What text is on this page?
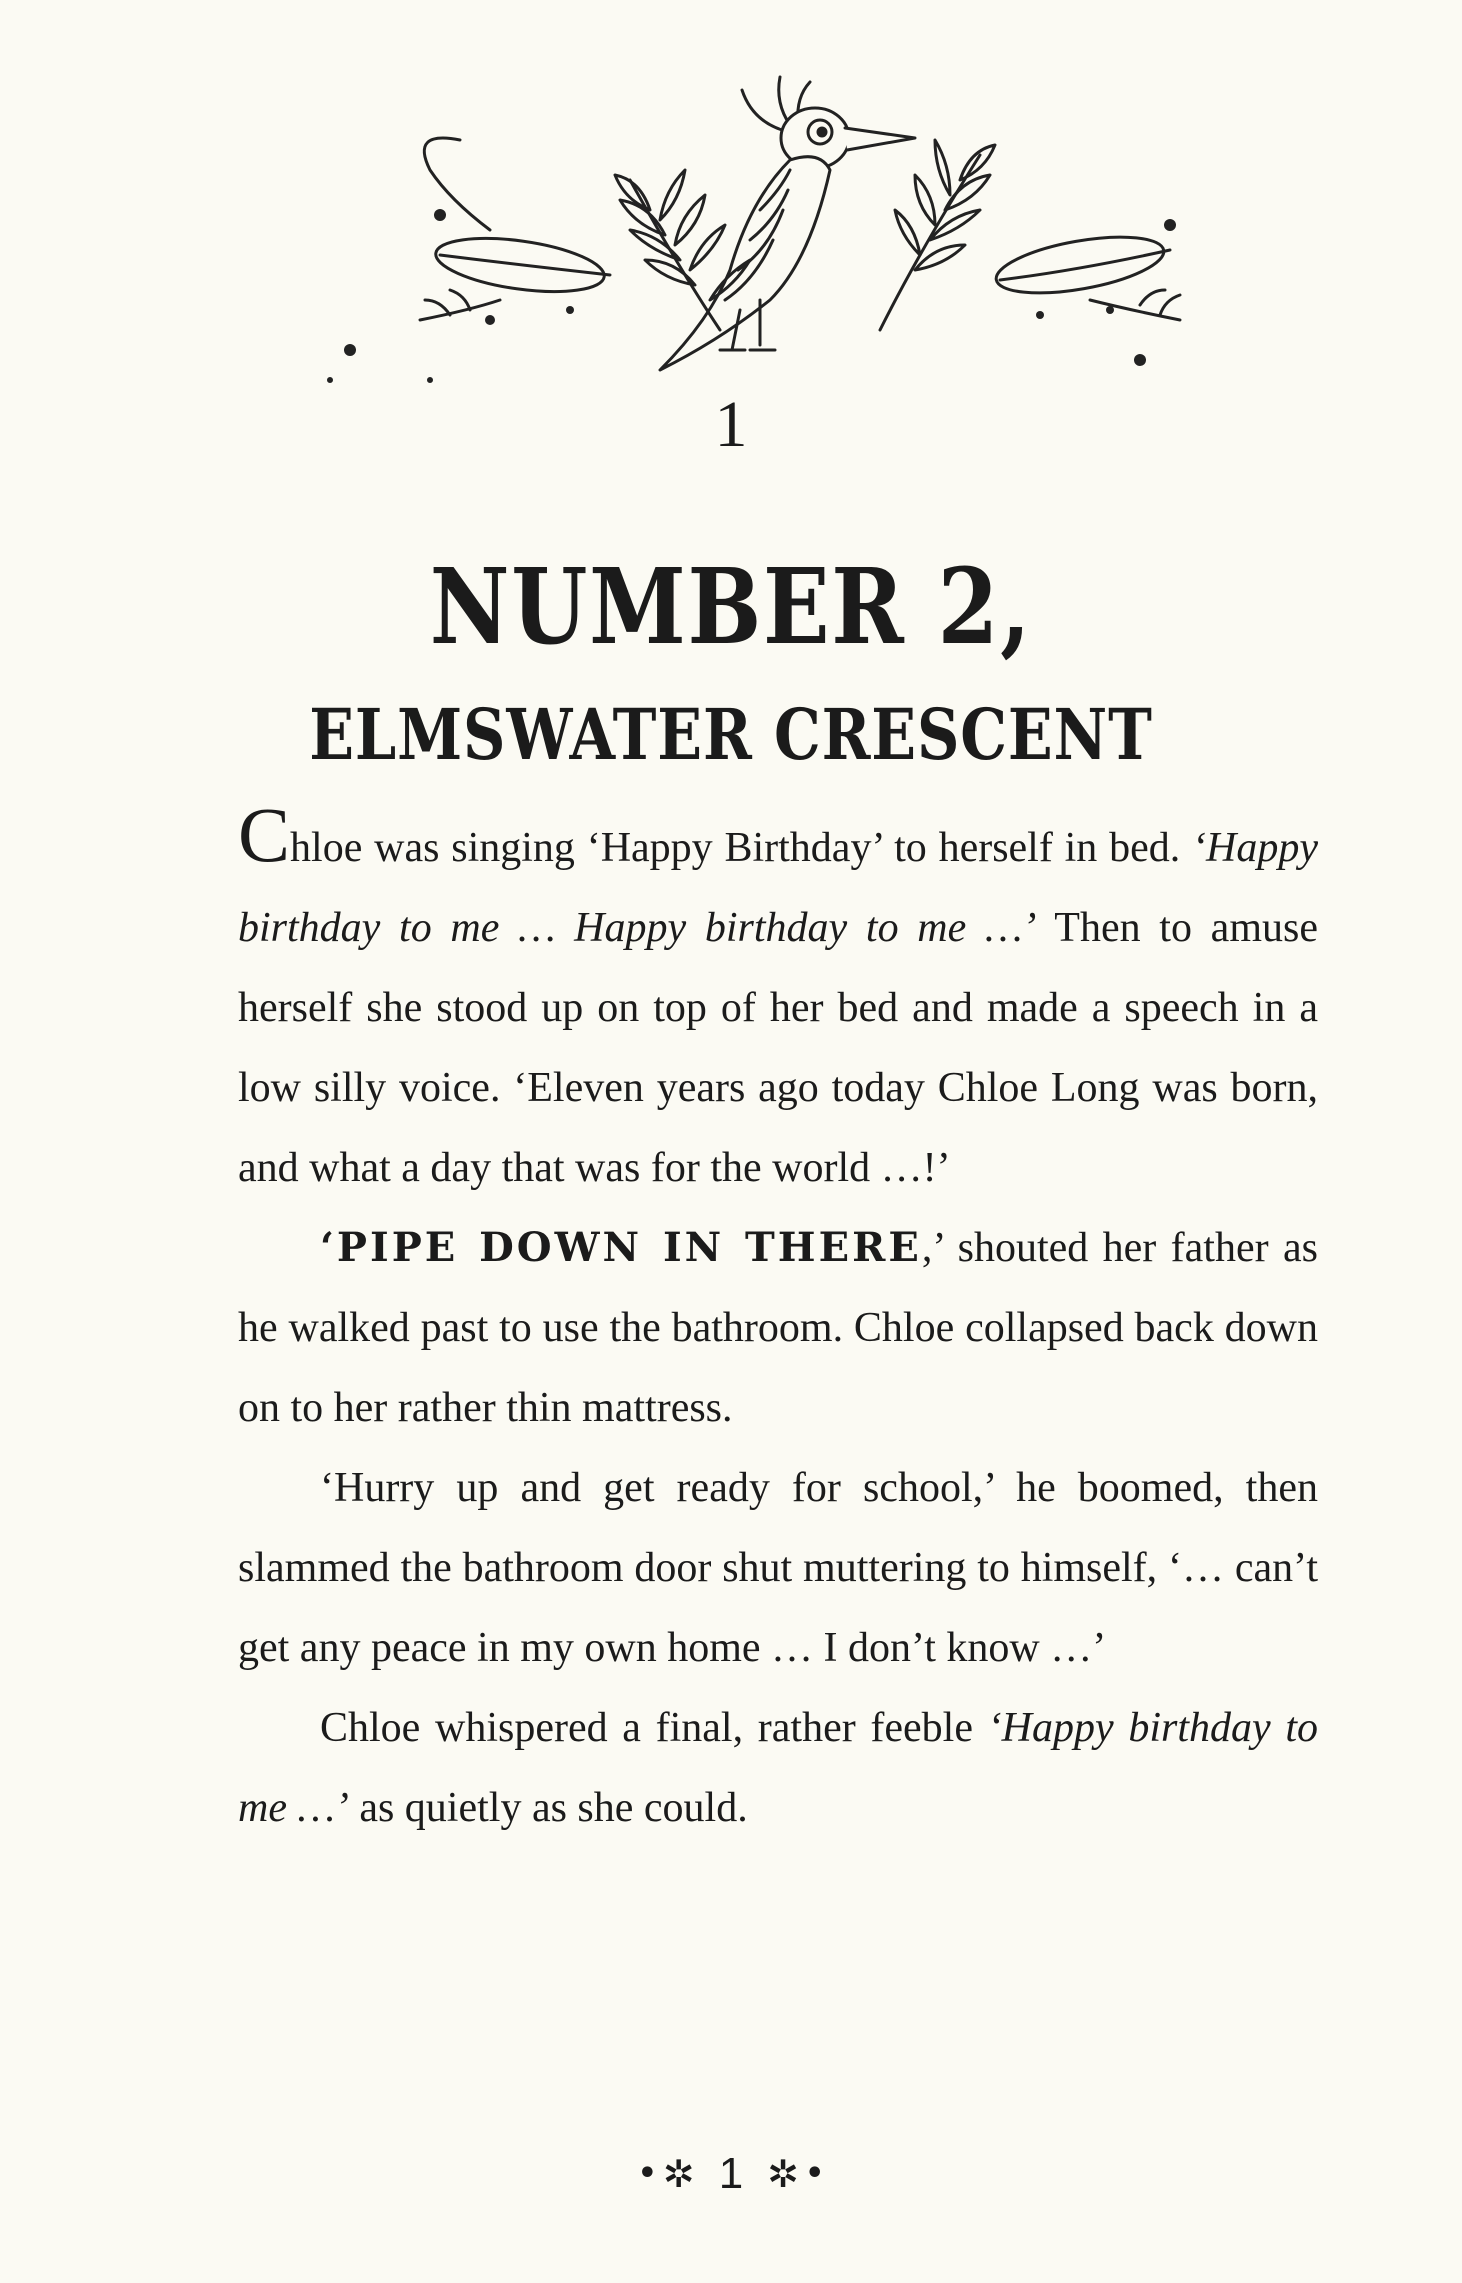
1
NUMBER 2,
ELMSWATER CRESCENT

Chloe was singing ‘Happy Birthday’ to herself in bed. ‘Happy birthday to me … Happy birthday to me …’ Then to amuse herself she stood up on top of her bed and made a speech in a low silly voice. ‘Eleven years ago today Chloe Long was born, and what a day that was for the world …!’

‘PIPE DOWN IN THERE,’ shouted her father as he walked past to use the bathroom. Chloe collapsed back down on to her rather thin mattress.

‘Hurry up and get ready for school,’ he boomed, then slammed the bathroom door shut muttering to himself, ‘… can’t get any peace in my own home … I don’t know …’

Chloe whispered a final, rather feeble ‘Happy birthday to me …’ as quietly as she could.

• ✲ 1 ✲ •
